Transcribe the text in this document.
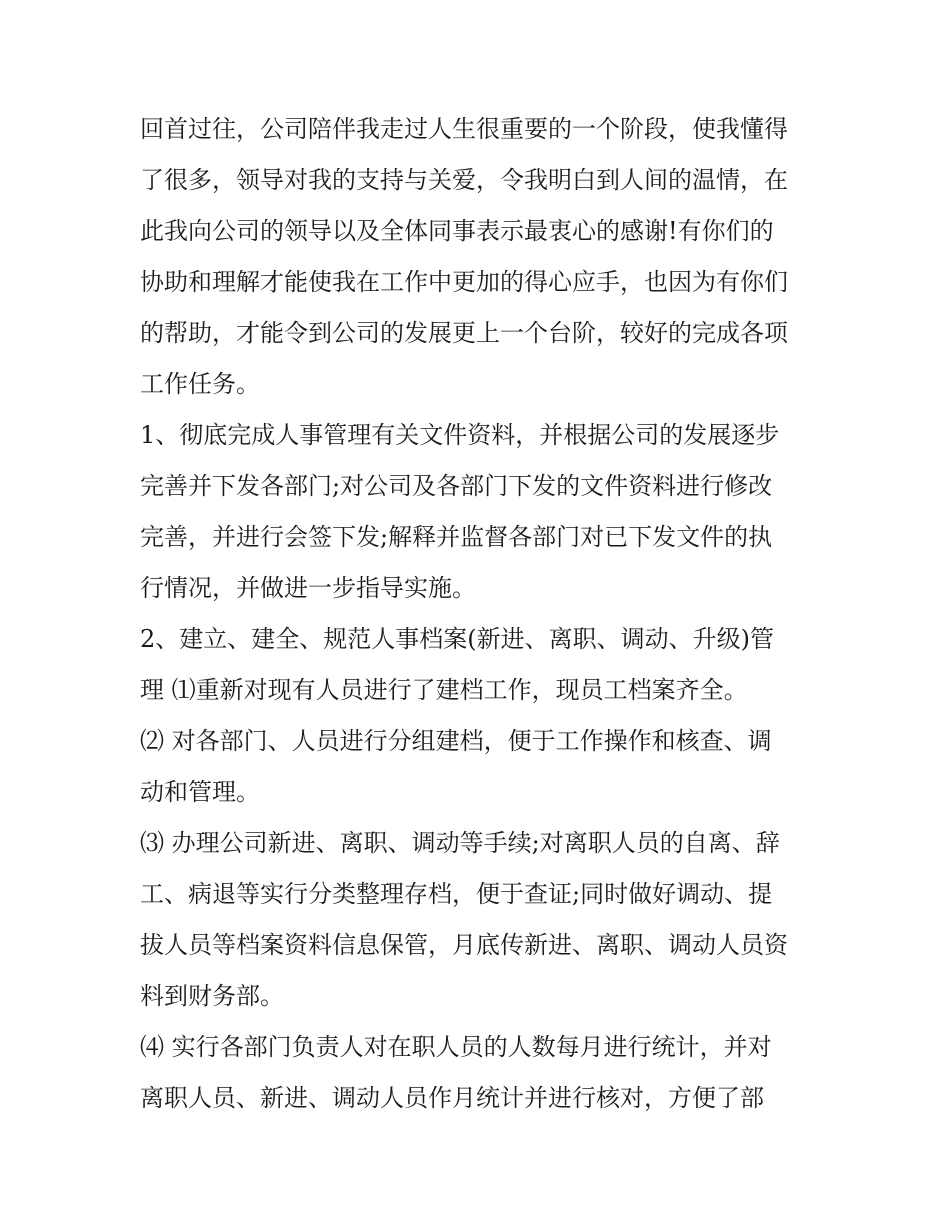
回首过往，公司陪伴我走过人生很重要的一个阶段，使我懂得
了很多，领导对我的支持与关爱，令我明白到人间的温情，在
此我向公司的领导以及全体同事表示最衷心的感谢!有你们的
协助和理解才能使我在工作中更加的得心应手，也因为有你们
的帮助，才能令到公司的发展更上一个台阶，较好的完成各项
工作任务。
1、彻底完成人事管理有关文件资料，并根据公司的发展逐步
完善并下发各部门;对公司及各部门下发的文件资料进行修改
完善，并进行会签下发;解释并监督各部门对已下发文件的执
行情况，并做进一步指导实施。
2、建立、建全、规范人事档案(新进、离职、调动、升级)管
理 ⑴重新对现有人员进行了建档工作，现员工档案齐全。
⑵ 对各部门、人员进行分组建档，便于工作操作和核查、调
动和管理。
⑶ 办理公司新进、离职、调动等手续;对离职人员的自离、辞
工、病退等实行分类整理存档，便于查证;同时做好调动、提
拔人员等档案资料信息保管，月底传新进、离职、调动人员资
料到财务部。
⑷ 实行各部门负责人对在职人员的人数每月进行统计，并对
离职人员、新进、调动人员作月统计并进行核对，方便了部
